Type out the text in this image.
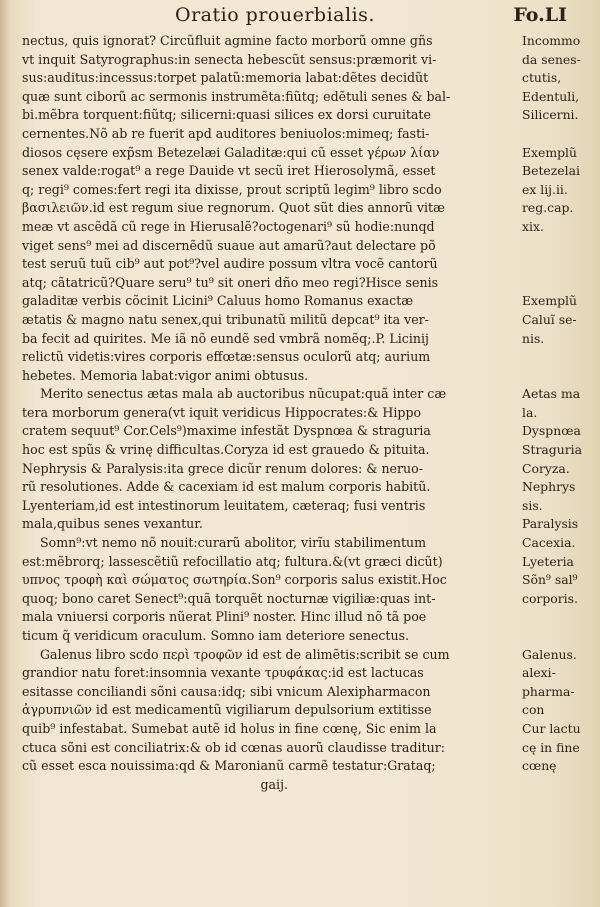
Oratio prouerbialis.	Fo.LI
nectus, quis ignorat? Circũfluit agmine facto morborũ omne gñs
vt inquit Satyrographus:in senecta hebescũt sensus:præmorit vi-
sus:auditus:incessus:torpet palatũ:memoria labat:dẽtes decidũt
quæ sunt ciborũ ac sermonis instrumẽta:fiũtq; edẽtuli senes & bal-
bi.mẽbra torquent:fiũtq; silicerni:quasi silices ex dorsi curuitate
cernentes.Nõ ab re fuerit apd auditores beniuolos:mimeq; fasti-
diosos cęsere exp̃sm Betezelæi Galaditæ:qui cũ esset γέρων λίαν
senex valde:rogat⁹ a rege Dauide vt secũ iret Hierosolymã, esset
q; regi⁹ comes:fert regi ita dixisse, prout scriptũ legim⁹ libro scdo
βασιλειῶν.id est regum siue regnorum. Quot sũt dies annorũ vitæ
meæ vt ascẽdã cũ rege in Hierusalẽ?octogenari⁹ sũ hodie:nunqd
viget sens⁹ mei ad discernẽdũ suaue aut amarũ?aut delectare põ
test seruũ tuũ cib⁹ aut pot⁹?vel audire possum vltra vocẽ cantorũ
atq; cãtatricũ?Quare seru⁹ tu⁹ sit oneri dño meo regi?Hisce senis
galaditæ verbis cõcinit Licini⁹ Caluus homo Romanus exactæ
ætatis & magno natu senex,qui tribunatũ militũ depcat⁹ ita ver-
ba fecit ad quirites. Me iã nõ eundẽ sed vmbrã nomẽq;.P. Licinij
relictũ videtis:vires corporis effœtæ:sensus oculorũ atq; aurium
hebetes. Memoria labat:vigor animi obtusus.
Merito senectus ætas mala ab auctoribus nũcupat:quã inter cæ
tera morborum genera(vt iquit veridicus Hippocrates:& Hippo
cratem sequut⁹ Cor.Cels⁹)maxime infestãt Dyspnœa & straguria
hoc est spũs & vrinę difficultas.Coryza id est grauedo & pituita.
Nephrysis & Paralysis:ita grece dicũr renum dolores: & neruo-
rũ resolutiones. Adde & cacexiam id est malum corporis habitũ.
Lyenteriam,id est intestinorum leuitatem, cæteraq; fusi ventris
mala,quibus senes vexantur.
Somn⁹:vt nemo nõ nouit:curarũ abolitor, virĩu stabilimentum
est:mẽbrorq; lassescẽtiũ refocillatio atq; fultura.&(vt græci dicũt)
υπνος τροφὴ καὶ σώματος σωτηρία.Son⁹ corporis salus existit.Hoc
quoq; bono caret Senect⁹:quã torquẽt nocturnæ vigiliæ:quas int-
mala vniuersi corporis nũerat Plini⁹ noster. Hinc illud nõ tã poe
ticum q̃ veridicum oraculum. Somno iam deteriore senectus.
Galenus libro scdo περὶ τροφῶν id est de alimẽtis:scribit se cum
grandior natu foret:insomnia vexante τρυφάκας:id est lactucas
esitasse conciliandi sõni causa:idq; sibi vnicum Alexipharmacon
ἀγρυπνιῶν id est medicamentũ vigiliarum depulsorium extitisse
quib⁹ infestabat. Sumebat autẽ id holus in fine cœnę, Sic enim la
ctuca sõni est conciliatrix:& ob id cœnas auorũ claudisse traditur:
cũ esset esca nouissima:qd & Maronianũ carmẽ testatur:Grataq;
gaij.
Incommo
da senes-
ctutis,
Edentuli,
Silicerni.
Exemplũ
Betezelai
ex lij.ii.
reg.cap.
xix.
Exemplũ
Caluĩ se-
nis.
Aetas ma
la.
Dyspnœa
Straguria
Coryza.
Nephrys
sis.
Paralysis
Cacexia.
Lyeteria
Sõn⁹ sal⁹
corporis.
Galenus.
alexi-
pharma-
con
Cur lactu
cę in fine
cœnę
